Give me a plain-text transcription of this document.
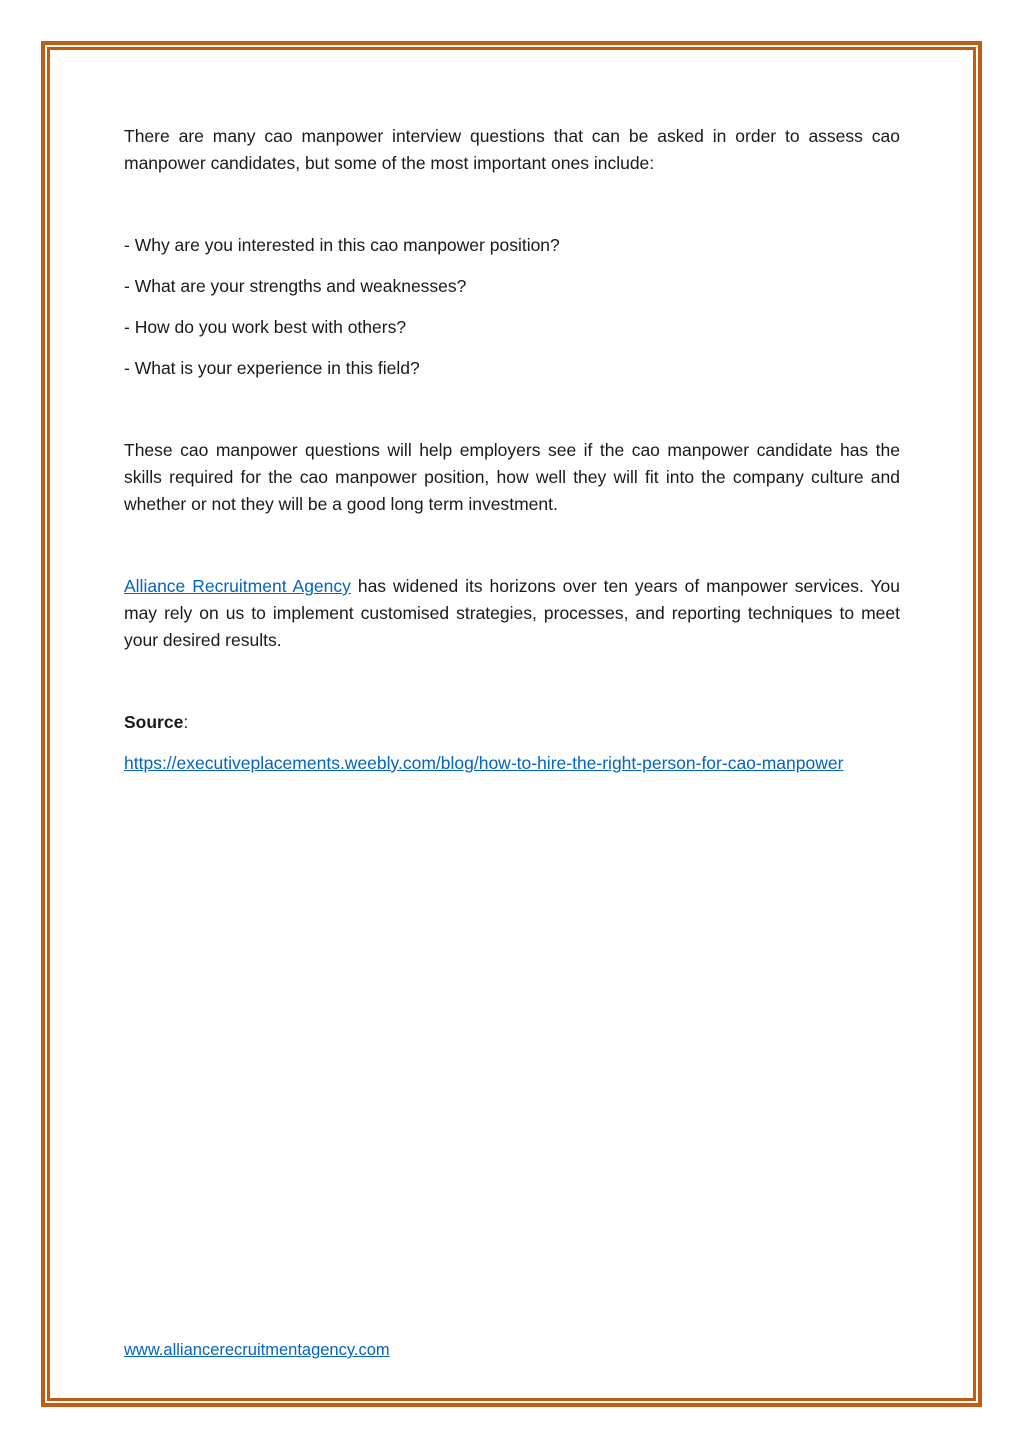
There are many cao manpower interview questions that can be asked in order to assess cao manpower candidates, but some of the most important ones include:

- Why are you interested in this cao manpower position?

- What are your strengths and weaknesses?

- How do you work best with others?

- What is your experience in this field?

These cao manpower questions will help employers see if the cao manpower candidate has the skills required for the cao manpower position, how well they will fit into the company culture and whether or not they will be a good long term investment.

Alliance Recruitment Agency has widened its horizons over ten years of manpower services. You may rely on us to implement customised strategies, processes, and reporting techniques to meet your desired results.

Source:

https://executiveplacements.weebly.com/blog/how-to-hire-the-right-person-for-cao-manpower

www.alliancerecruitmentagency.com
